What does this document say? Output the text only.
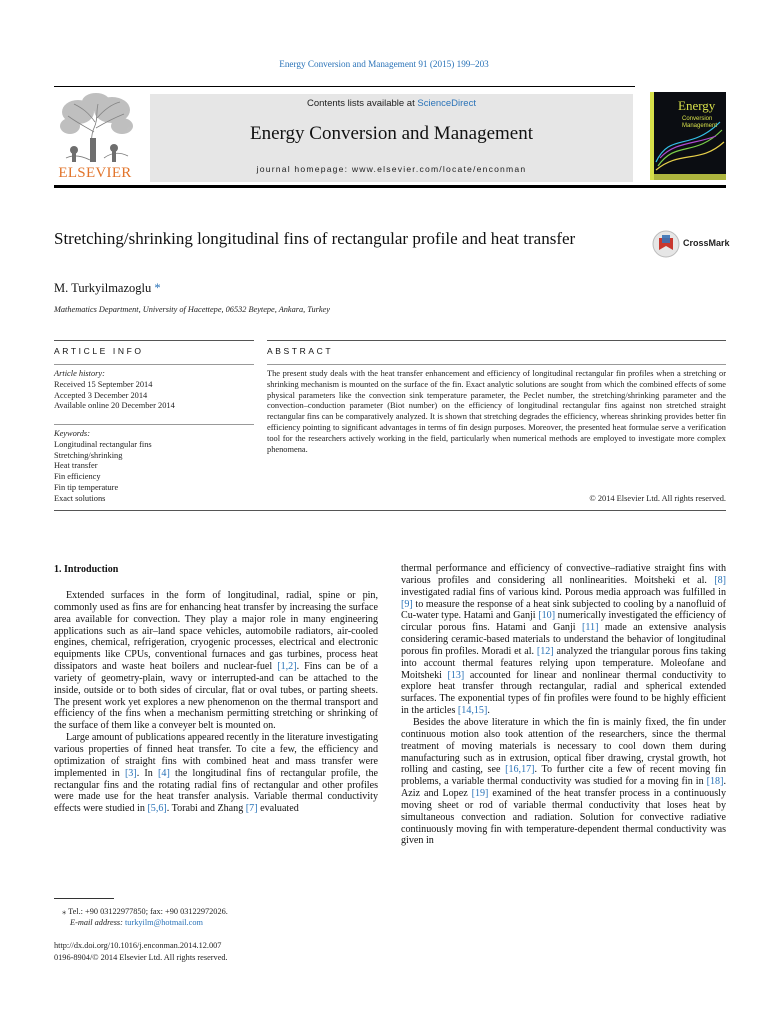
Energy Conversion and Management 91 (2015) 199–203
ELSEVIER
Contents lists available at ScienceDirect
Energy Conversion and Management
journal homepage: www.elsevier.com/locate/enconman
Energy
Conversion
Management
Stretching/shrinking longitudinal fins of rectangular profile and heat transfer	CrossMark
M. Turkyilmazoglu *
Mathematics Department, University of Hacettepe, 06532 Beytepe, Ankara, Turkey
ARTICLE INFO	ABSTRACT
Article history:
Received 15 September 2014
Accepted 3 December 2014
Available online 20 December 2014
Keywords:
Longitudinal rectangular fins
Stretching/shrinking
Heat transfer
Fin efficiency
Fin tip temperature
Exact solutions
The present study deals with the heat transfer enhancement and efficiency of longitudinal rectangular fin profiles when a stretching or shrinking mechanism is mounted on the surface of the fin. Exact analytic solutions are sought from which the combined effects of some physical parameters like the convection sink temperature parameter, the Peclet number, the stretching/shrinking parameter and the convection–conduction parameter (Biot number) on the efficiency of longitudinal rectangular fins against non stretched straight rectangular fins can be comparatively analyzed. It is shown that stretching degrades the efficiency, whereas shrinking provides better fin efficiency pointing to significant advantages in terms of fin design purposes. Moreover, the presented heat formulae serve a verification tool for the researchers actively working in the field, particularly when numerical methods are employed to investigate more complex phenomena.
© 2014 Elsevier Ltd. All rights reserved.
1. Introduction

Extended surfaces in the form of longitudinal, radial, spine or pin, commonly used as fins are for enhancing heat transfer by increasing the surface area available for convection. They play a major role in many engineering applications such as air–land space vehicles, automobile radiators, air-cooled engines, chemical, refrigeration, cryogenic processes, electrical and electronic equipments like CPUs, conventional furnaces and gas turbines, process heat dissipators and waste heat boilers and nuclear-fuel [1,2]. Fins can be of a variety of geometry-plain, wavy or interrupted-and can be attached to the inside, outside or to both sides of circular, flat or oval tubes, or parting sheets. The present work yet explores a new phenomenon on the thermal transport and efficiency of the fins when a mechanism permitting stretching or shrinking of the surface of them like a conveyer belt is mounted on.

Large amount of publications appeared recently in the literature investigating various properties of finned heat transfer. To cite a few, the efficiency and optimization of straight fins with combined heat and mass transfer were implemented in [3]. In [4] the longitudinal fins of rectangular profile, the rectangular fins and the rotating radial fins of rectangular and other profiles were made use for the heat transfer analysis. Variable thermal conductivity effects were studied in [5,6]. Torabi and Zhang [7] evaluated

thermal performance and efficiency of convective–radiative straight fins with various profiles and considering all nonlinearities. Moitsheki et al. [8] investigated radial fins of various kind. Porous media approach was fulfilled in [9] to measure the response of a heat sink subjected to cooling by a nanofluid of Cu-water type. Hatami and Ganji [10] numerically investigated the efficiency of circular porous fins. Hatami and Ganji [11] made an extensive analysis considering ceramic-based materials to understand the behavior of longitudinal porous fin profiles. Moradi et al. [12] analyzed the triangular porous fins taking into account thermal features relying upon temperature. Moleofane and Moitsheki [13] accounted for linear and nonlinear thermal conductivity to explore heat transfer through rectangular, radial and spherical extended surfaces. The exponential types of fin profiles were found to be highly efficient in the articles [14,15].

Besides the above literature in which the fin is mainly fixed, the fin under continuous motion also took attention of the researchers, since the thermal treatment of moving materials is necessary to cool down them during manufacturing such as in extrusion, optical fiber drawing, crystal growth, hot rolling and casting, see [16,17]. To further cite a few of recent moving fin problems, a variable thermal conductivity was studied for a moving fin in [18]. Aziz and Lopez [19] examined of the heat transfer process in a continuously moving sheet or rod of variable thermal conductivity that loses heat by simultaneous convection and radiation. Solution for convective radiative continuously moving fin with temperature-dependent thermal conductivity was given in

⁎ Tel.: +90 03122977850; fax: +90 03122972026.
E-mail address: turkyilm@hotmail.com
http://dx.doi.org/10.1016/j.enconman.2014.12.007
0196-8904/© 2014 Elsevier Ltd. All rights reserved.
